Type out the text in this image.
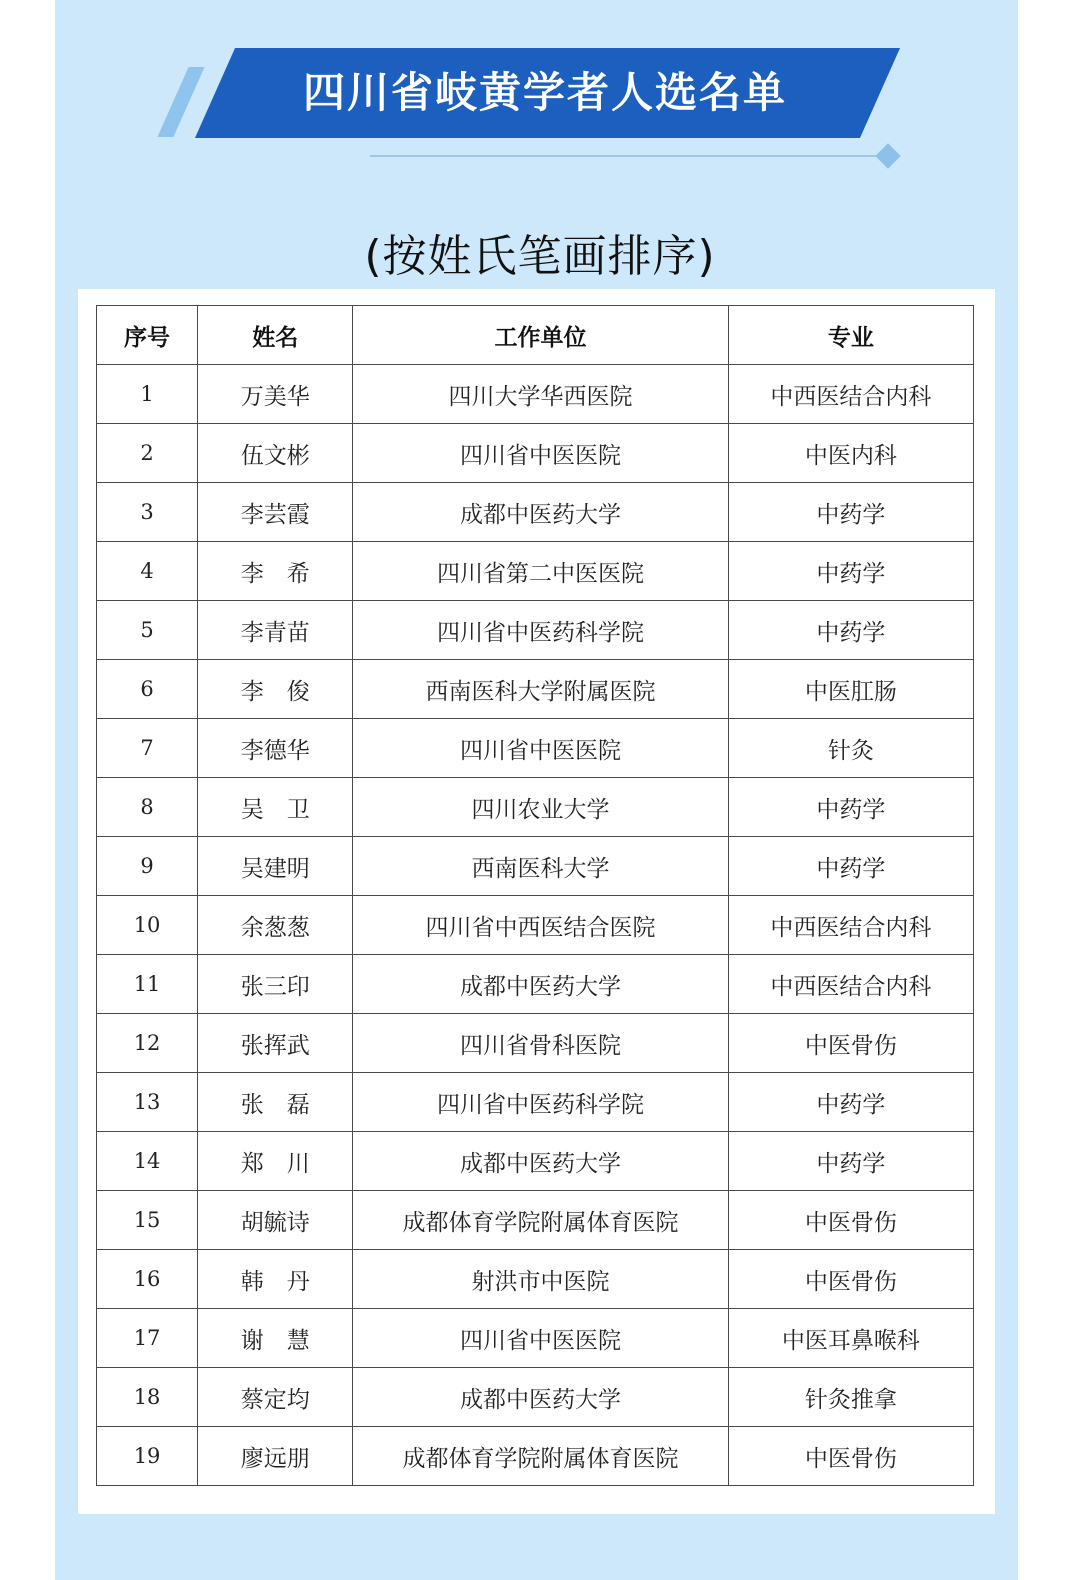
四川省岐黄学者人选名单
(按姓氏笔画排序)
序号	姓名	工作单位	专业
1	万美华	四川大学华西医院	中西医结合内科
2	伍文彬	四川省中医医院	中医内科
3	李芸霞	成都中医药大学	中药学
4	李　希	四川省第二中医医院	中药学
5	李青苗	四川省中医药科学院	中药学
6	李　俊	西南医科大学附属医院	中医肛肠
7	李德华	四川省中医医院	针灸
8	吴　卫	四川农业大学	中药学
9	吴建明	西南医科大学	中药学
10	余葱葱	四川省中西医结合医院	中西医结合内科
11	张三印	成都中医药大学	中西医结合内科
12	张挥武	四川省骨科医院	中医骨伤
13	张　磊	四川省中医药科学院	中药学
14	郑　川	成都中医药大学	中药学
15	胡毓诗	成都体育学院附属体育医院	中医骨伤
16	韩　丹	射洪市中医院	中医骨伤
17	谢　慧	四川省中医医院	中医耳鼻喉科
18	蔡定均	成都中医药大学	针灸推拿
19	廖远朋	成都体育学院附属体育医院	中医骨伤
